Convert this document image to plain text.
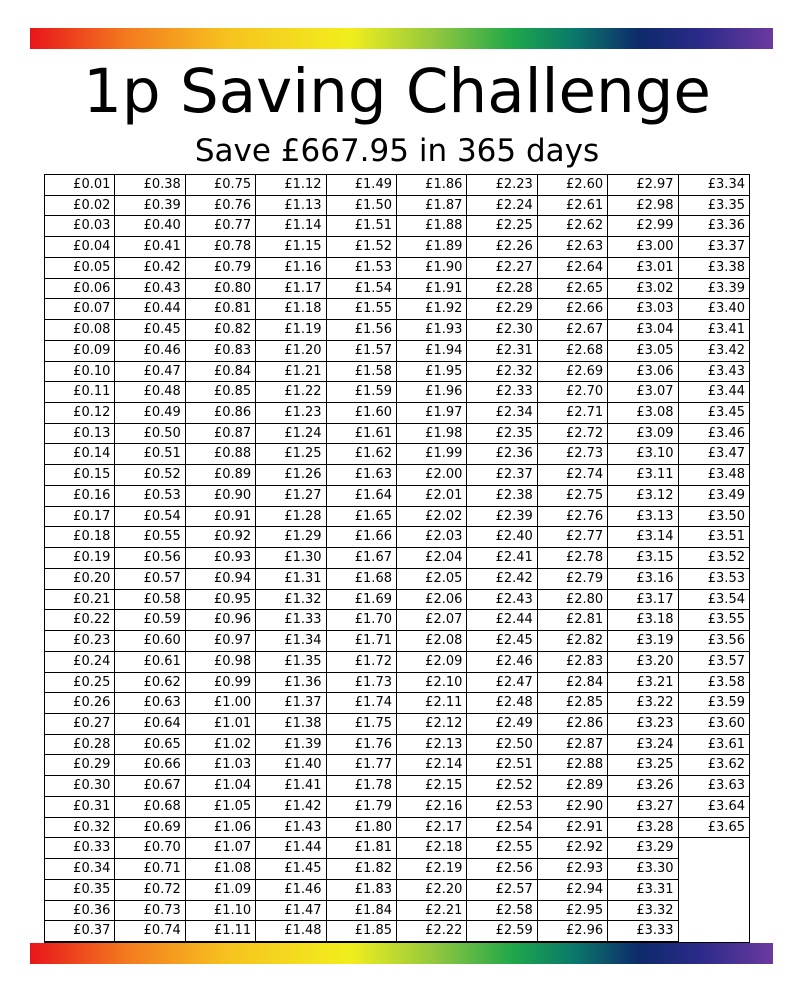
1p Saving Challenge
Save £667.95 in 365 days
£0.01
£0.02
£0.03
£0.04
£0.05
£0.06
£0.07
£0.08
£0.09
£0.10
£0.11
£0.12
£0.13
£0.14
£0.15
£0.16
£0.17
£0.18
£0.19
£0.20
£0.21
£0.22
£0.23
£0.24
£0.25
£0.26
£0.27
£0.28
£0.29
£0.30
£0.31
£0.32
£0.33
£0.34
£0.35
£0.36
£0.37
£0.38
£0.39
£0.40
£0.41
£0.42
£0.43
£0.44
£0.45
£0.46
£0.47
£0.48
£0.49
£0.50
£0.51
£0.52
£0.53
£0.54
£0.55
£0.56
£0.57
£0.58
£0.59
£0.60
£0.61
£0.62
£0.63
£0.64
£0.65
£0.66
£0.67
£0.68
£0.69
£0.70
£0.71
£0.72
£0.73
£0.74
£0.75
£0.76
£0.77
£0.78
£0.79
£0.80
£0.81
£0.82
£0.83
£0.84
£0.85
£0.86
£0.87
£0.88
£0.89
£0.90
£0.91
£0.92
£0.93
£0.94
£0.95
£0.96
£0.97
£0.98
£0.99
£1.00
£1.01
£1.02
£1.03
£1.04
£1.05
£1.06
£1.07
£1.08
£1.09
£1.10
£1.11
£1.12
£1.13
£1.14
£1.15
£1.16
£1.17
£1.18
£1.19
£1.20
£1.21
£1.22
£1.23
£1.24
£1.25
£1.26
£1.27
£1.28
£1.29
£1.30
£1.31
£1.32
£1.33
£1.34
£1.35
£1.36
£1.37
£1.38
£1.39
£1.40
£1.41
£1.42
£1.43
£1.44
£1.45
£1.46
£1.47
£1.48
£1.49
£1.50
£1.51
£1.52
£1.53
£1.54
£1.55
£1.56
£1.57
£1.58
£1.59
£1.60
£1.61
£1.62
£1.63
£1.64
£1.65
£1.66
£1.67
£1.68
£1.69
£1.70
£1.71
£1.72
£1.73
£1.74
£1.75
£1.76
£1.77
£1.78
£1.79
£1.80
£1.81
£1.82
£1.83
£1.84
£1.85
£1.86
£1.87
£1.88
£1.89
£1.90
£1.91
£1.92
£1.93
£1.94
£1.95
£1.96
£1.97
£1.98
£1.99
£2.00
£2.01
£2.02
£2.03
£2.04
£2.05
£2.06
£2.07
£2.08
£2.09
£2.10
£2.11
£2.12
£2.13
£2.14
£2.15
£2.16
£2.17
£2.18
£2.19
£2.20
£2.21
£2.22
£2.23
£2.24
£2.25
£2.26
£2.27
£2.28
£2.29
£2.30
£2.31
£2.32
£2.33
£2.34
£2.35
£2.36
£2.37
£2.38
£2.39
£2.40
£2.41
£2.42
£2.43
£2.44
£2.45
£2.46
£2.47
£2.48
£2.49
£2.50
£2.51
£2.52
£2.53
£2.54
£2.55
£2.56
£2.57
£2.58
£2.59
£2.60
£2.61
£2.62
£2.63
£2.64
£2.65
£2.66
£2.67
£2.68
£2.69
£2.70
£2.71
£2.72
£2.73
£2.74
£2.75
£2.76
£2.77
£2.78
£2.79
£2.80
£2.81
£2.82
£2.83
£2.84
£2.85
£2.86
£2.87
£2.88
£2.89
£2.90
£2.91
£2.92
£2.93
£2.94
£2.95
£2.96
£2.97
£2.98
£2.99
£3.00
£3.01
£3.02
£3.03
£3.04
£3.05
£3.06
£3.07
£3.08
£3.09
£3.10
£3.11
£3.12
£3.13
£3.14
£3.15
£3.16
£3.17
£3.18
£3.19
£3.20
£3.21
£3.22
£3.23
£3.24
£3.25
£3.26
£3.27
£3.28
£3.29
£3.30
£3.31
£3.32
£3.33
£3.34
£3.35
£3.36
£3.37
£3.38
£3.39
£3.40
£3.41
£3.42
£3.43
£3.44
£3.45
£3.46
£3.47
£3.48
£3.49
£3.50
£3.51
£3.52
£3.53
£3.54
£3.55
£3.56
£3.57
£3.58
£3.59
£3.60
£3.61
£3.62
£3.63
£3.64
£3.65
